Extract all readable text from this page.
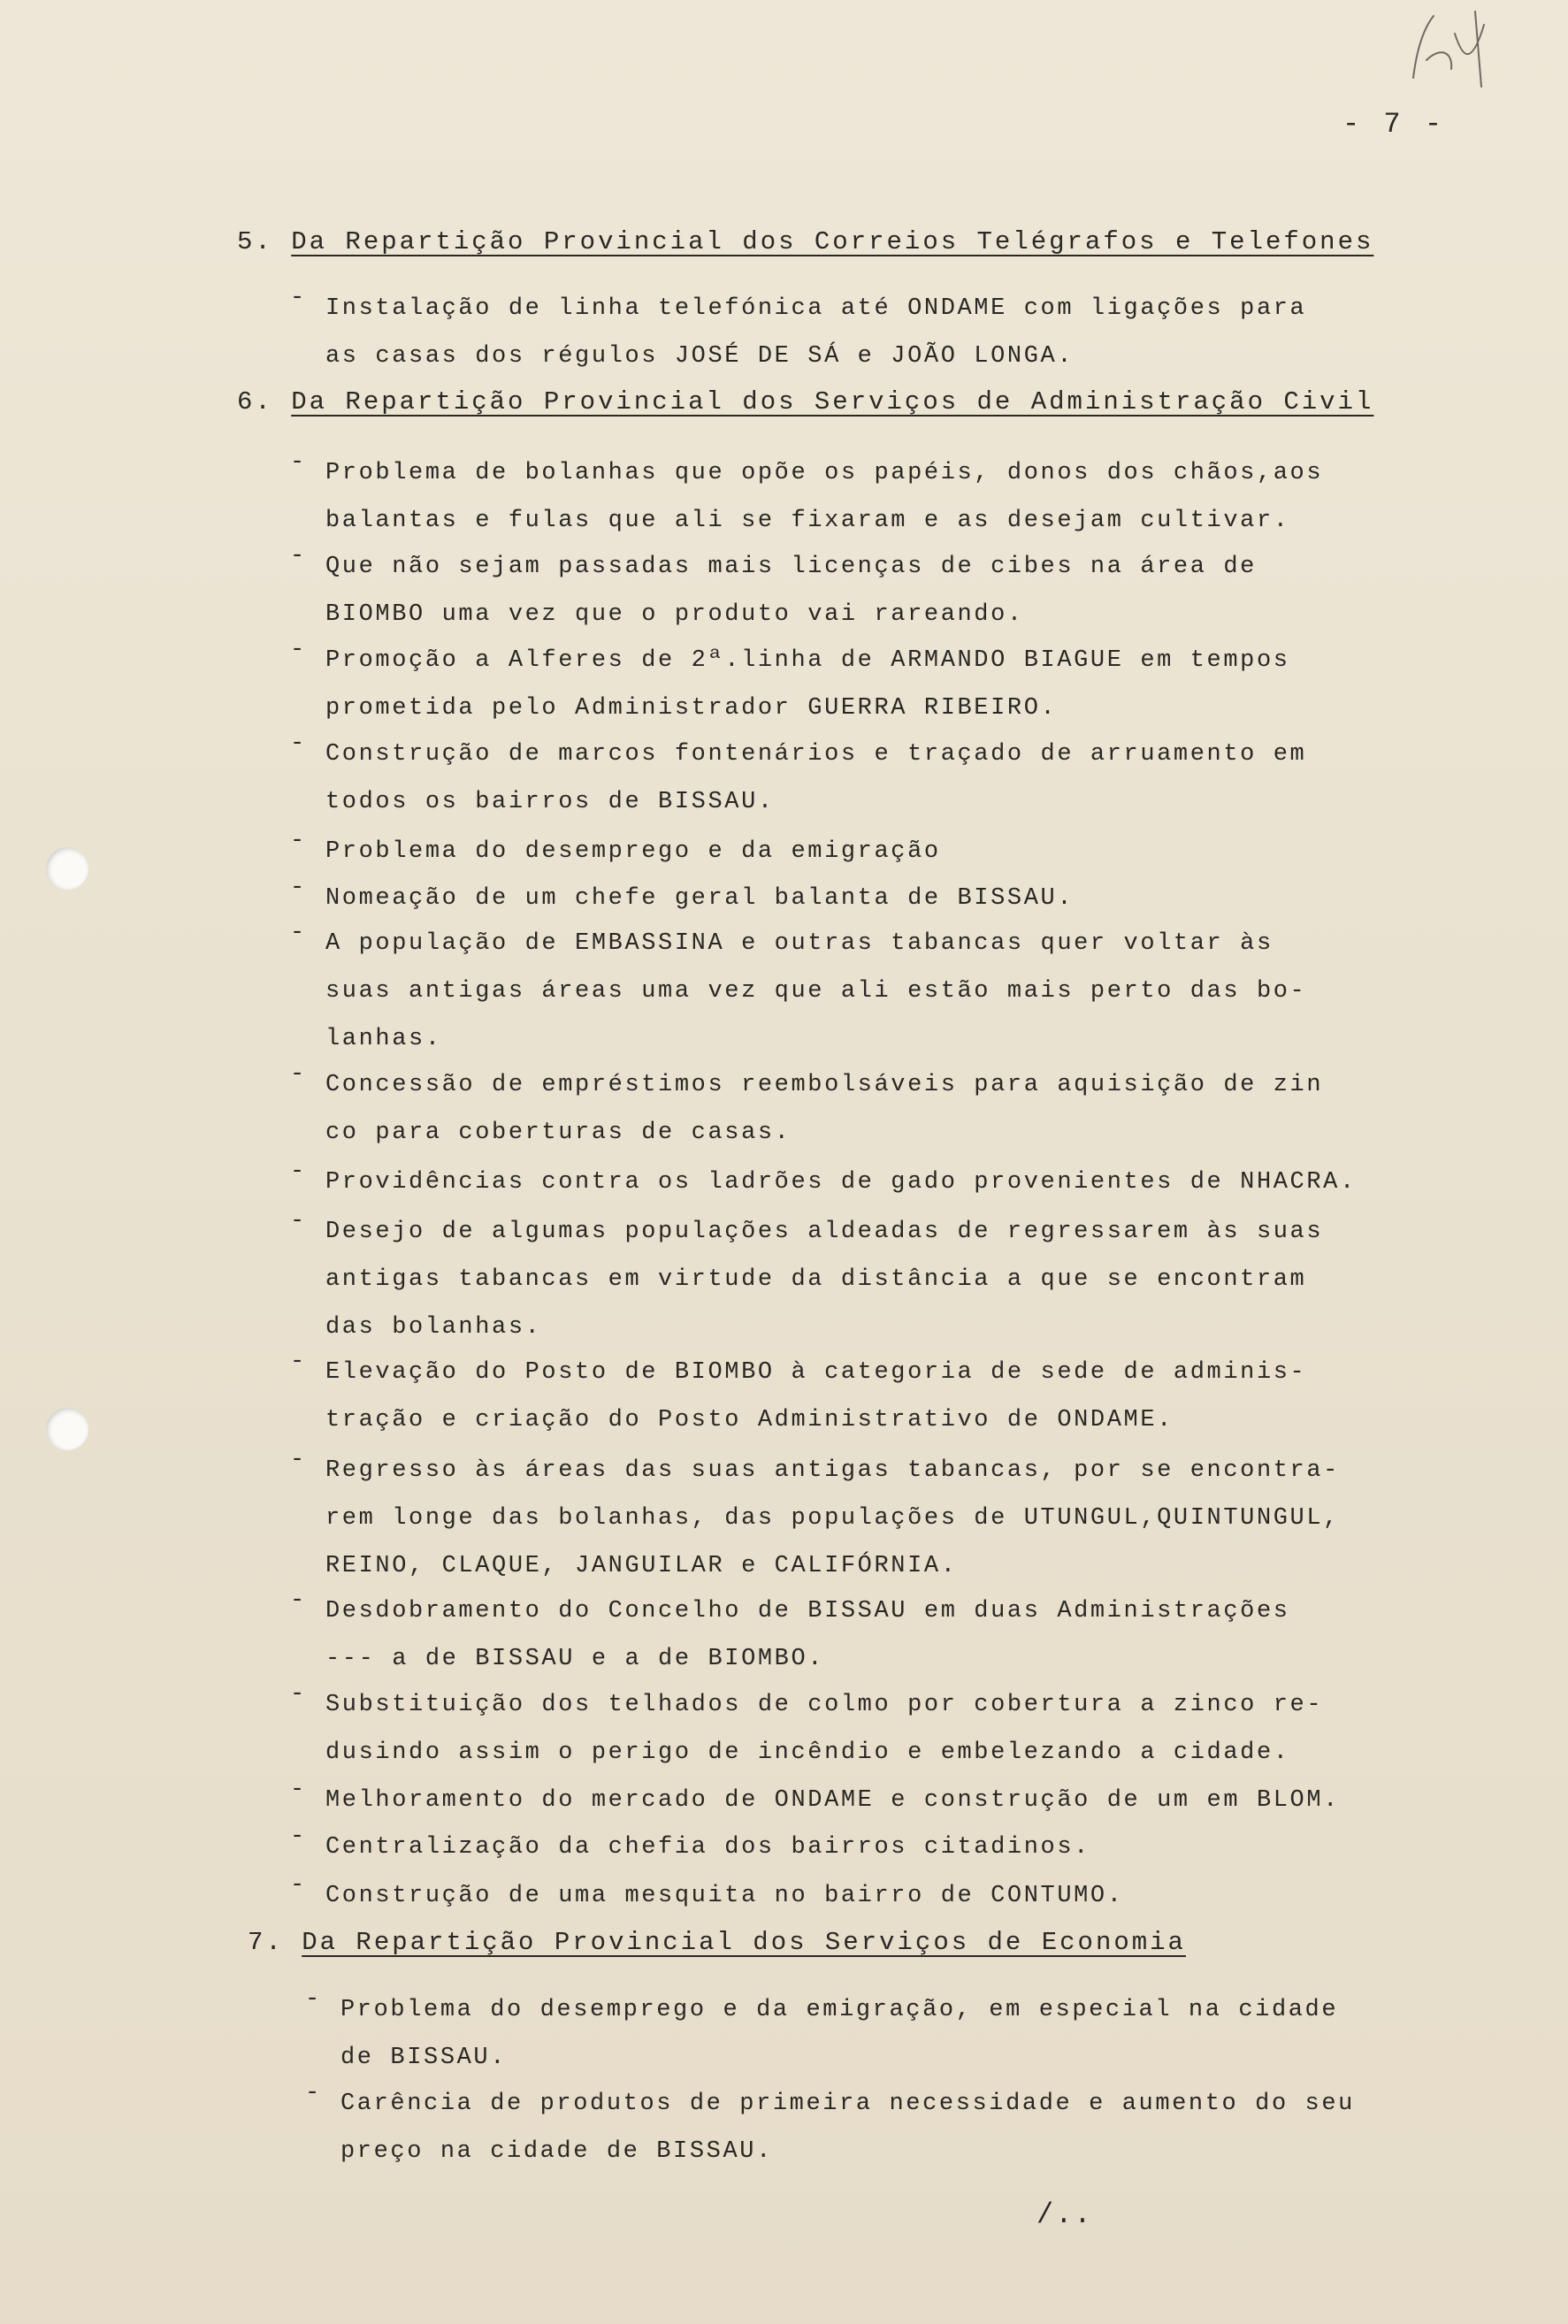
- 7 -
5. Da Repartição Provincial dos Correios Telégrafos e Telefones
- Instalação de linha telefónica até ONDAME com ligações para
as casas dos régulos JOSÉ DE SÁ e JOÃO LONGA.
6. Da Repartição Provincial dos Serviços de Administração Civil
- Problema de bolanhas que opõe os papéis, donos dos chãos,aos
balantas e fulas que ali se fixaram e as desejam cultivar.
- Que não sejam passadas mais licenças de cibes na área de
BIOMBO uma vez que o produto vai rareando.
- Promoção a Alferes de 2ª.linha de ARMANDO BIAGUE em tempos
prometida pelo Administrador GUERRA RIBEIRO.
- Construção de marcos fontenários e traçado de arruamento em
todos os bairros de BISSAU.
- Problema do desemprego e da emigração
- Nomeação de um chefe geral balanta de BISSAU.
- A população de EMBASSINA e outras tabancas quer voltar às
suas antigas áreas uma vez que ali estão mais perto das bo-
lanhas.
- Concessão de empréstimos reembolsáveis para aquisição de zin
co para coberturas de casas.
- Providências contra os ladrões de gado provenientes de NHACRA.
- Desejo de algumas populações aldeadas de regressarem às suas
antigas tabancas em virtude da distância a que se encontram
das bolanhas.
- Elevação do Posto de BIOMBO à categoria de sede de adminis-
tração e criação do Posto Administrativo de ONDAME.
- Regresso às áreas das suas antigas tabancas, por se encontra-
rem longe das bolanhas, das populações de UTUNGUL,QUINTUNGUL,
REINO, CLAQUE, JANGUILAR e CALIFÓRNIA.
- Desdobramento do Concelho de BISSAU em duas Administrações
--- a de BISSAU e a de BIOMBO.
- Substituição dos telhados de colmo por cobertura a zinco re-
dusindo assim o perigo de incêndio e embelezando a cidade.
- Melhoramento do mercado de ONDAME e construção de um em BLOM.
- Centralização da chefia dos bairros citadinos.
- Construção de uma mesquita no bairro de CONTUMO.
7. Da Repartição Provincial dos Serviços de Economia
- Problema do desemprego e da emigração, em especial na cidade
de BISSAU.
- Carência de produtos de primeira necessidade e aumento do seu
preço na cidade de BISSAU.
/..
